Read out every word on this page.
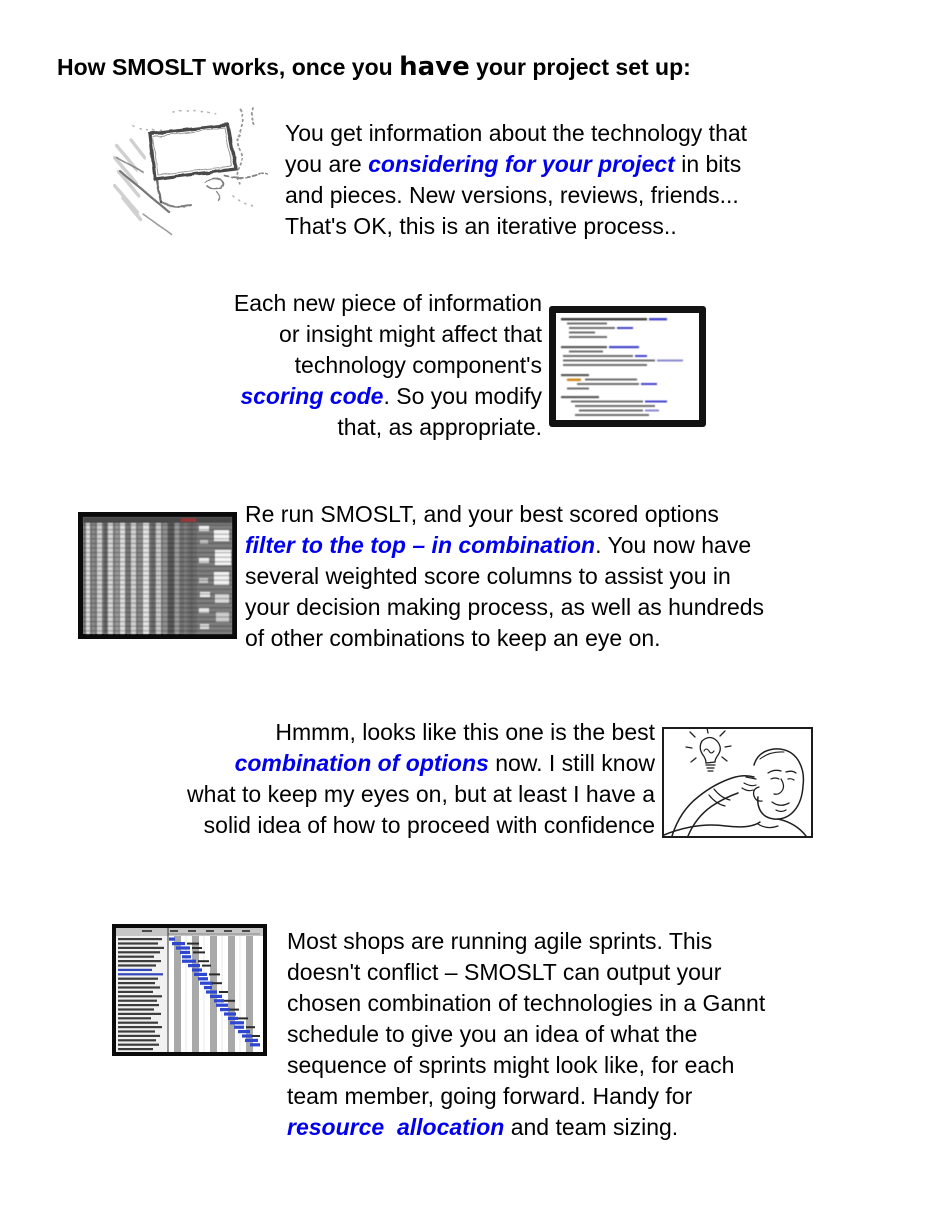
How SMOSLT works, once you have your project set up:
You get information about the technology that
you are considering for your project in bits
and pieces. New versions, reviews, friends...
That's OK, this is an iterative process..
Each new piece of information
or insight might affect that
technology component's
scoring code. So you modify
that, as appropriate.
Re run SMOSLT, and your best scored options
filter to the top – in combination. You now have
several weighted score columns to assist you in
your decision making process, as well as hundreds
of other combinations to keep an eye on.
Hmmm, looks like this one is the best
combination of options now. I still know
what to keep my eyes on, but at least I have a
solid idea of how to proceed with confidence
Most shops are running agile sprints. This
doesn't conflict – SMOSLT can output your
chosen combination of technologies in a Gannt
schedule to give you an idea of what the
sequence of sprints might look like, for each
team member, going forward. Handy for
resource  allocation and team sizing.
